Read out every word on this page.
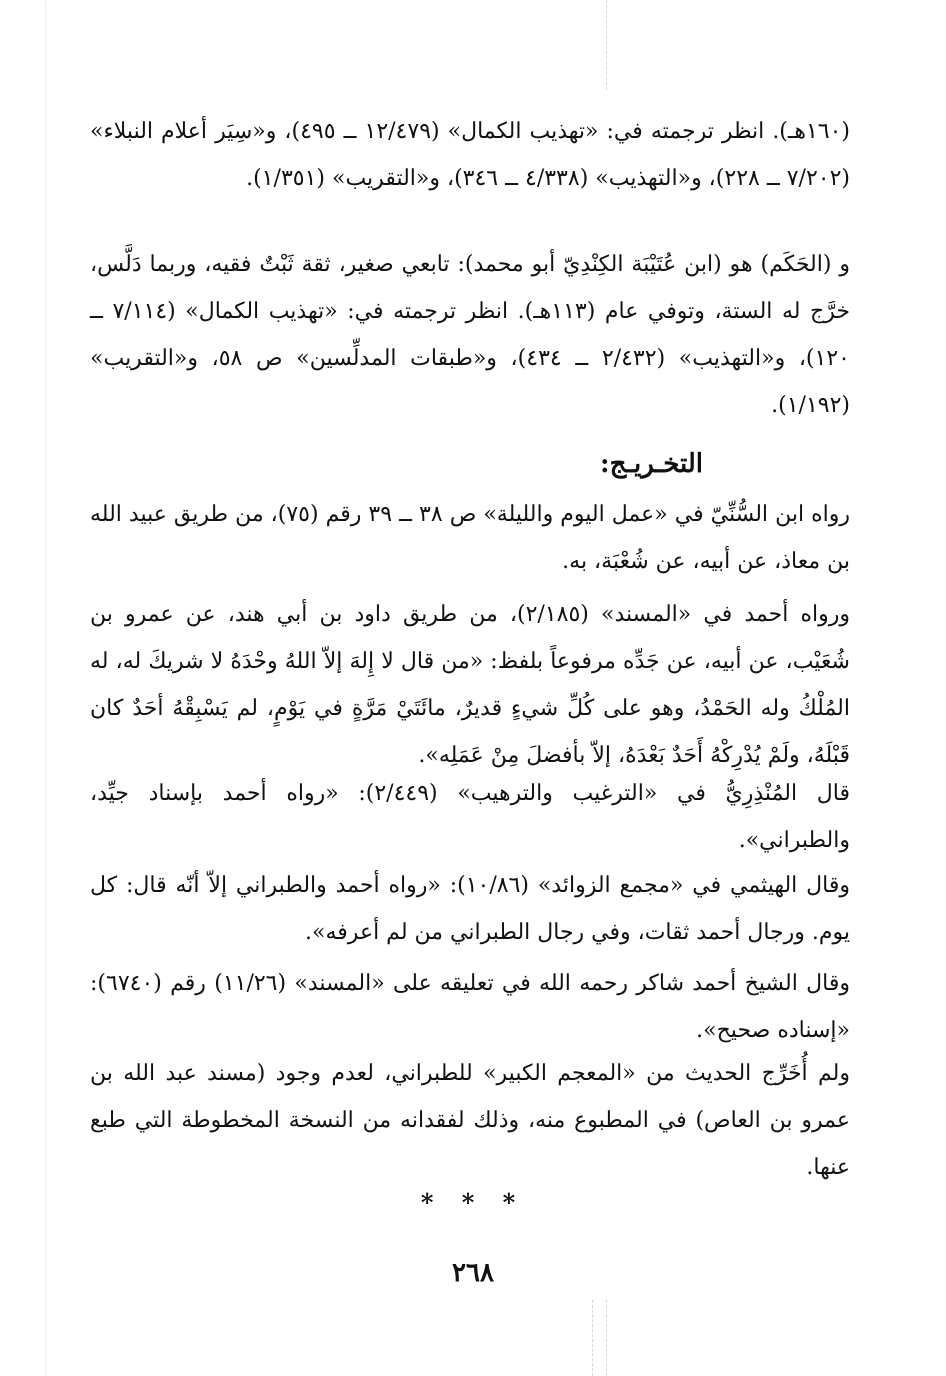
(١٦٠هـ). انظر ترجمته في: «تهذيب الكمال» (١٢/٤٧٩ ــ ٤٩٥)، و«سِيَر أعلام النبلاء» (٧/٢٠٢ ــ ٢٢٨)، و«التهذيب» (٤/٣٣٨ ــ ٣٤٦)، و«التقريب» (١/٣٥١).

و (الحَكَم) هو (ابن عُتَيْبَة الكِنْدِيّ أبو محمد): تابعي صغير، ثقة ثَبْتٌ فقيه، وربما دَلَّس، خرَّج له الستة، وتوفي عام (١١٣هـ). انظر ترجمته في: «تهذيب الكمال» (٧/١١٤ ــ ١٢٠)، و«التهذيب» (٢/٤٣٢ ــ ٤٣٤)، و«طبقات المدلِّسين» ص ٥٨، و«التقريب» (١/١٩٢).

التخـريـج:

رواه ابن السُّنِّيّ في «عمل اليوم والليلة» ص ٣٨ ــ ٣٩ رقم (٧٥)، من طريق عبيد الله بن معاذ، عن أبيه، عن شُعْبَة، به.

ورواه أحمد في «المسند» (٢/١٨٥)، من طريق داود بن أبي هند، عن عمرو بن شُعَيْب، عن أبيه، عن جَدِّه مرفوعاً بلفظ: «من قال لا إِلهَ إلاّ اللهُ وحْدَهُ لا شريكَ له، له المُلْكُ وله الحَمْدُ، وهو على كُلِّ شيءٍ قديرٌ، مائَتَيْ مَرَّةٍ في يَوْمٍ، لم يَسْبِقْهُ أحَدٌ كان قَبْلَهُ، ولَمْ يُدْرِكْهُ أَحَدٌ بَعْدَهُ، إلاّ بأفضلَ مِنْ عَمَلِه».

قال المُنْذِرِيُّ في «الترغيب والترهيب» (٢/٤٤٩): «رواه أحمد بإسناد جيِّد، والطبراني».

وقال الهيثمي في «مجمع الزوائد» (١٠/٨٦): «رواه أحمد والطبراني إلاّ أنّه قال: كل يوم. ورجال أحمد ثقات، وفي رجال الطبراني من لم أعرفه».

وقال الشيخ أحمد شاكر رحمه الله في تعليقه على «المسند» (١١/٢٦) رقم (٦٧٤٠): «إسناده صحيح».

ولم أُخَرِّج الحديث من «المعجم الكبير» للطبراني، لعدم وجود (مسند عبد الله بن عمرو بن العاص) في المطبوع منه، وذلك لفقدانه من النسخة المخطوطة التي طبع عنها.

* * *
٢٦٨
